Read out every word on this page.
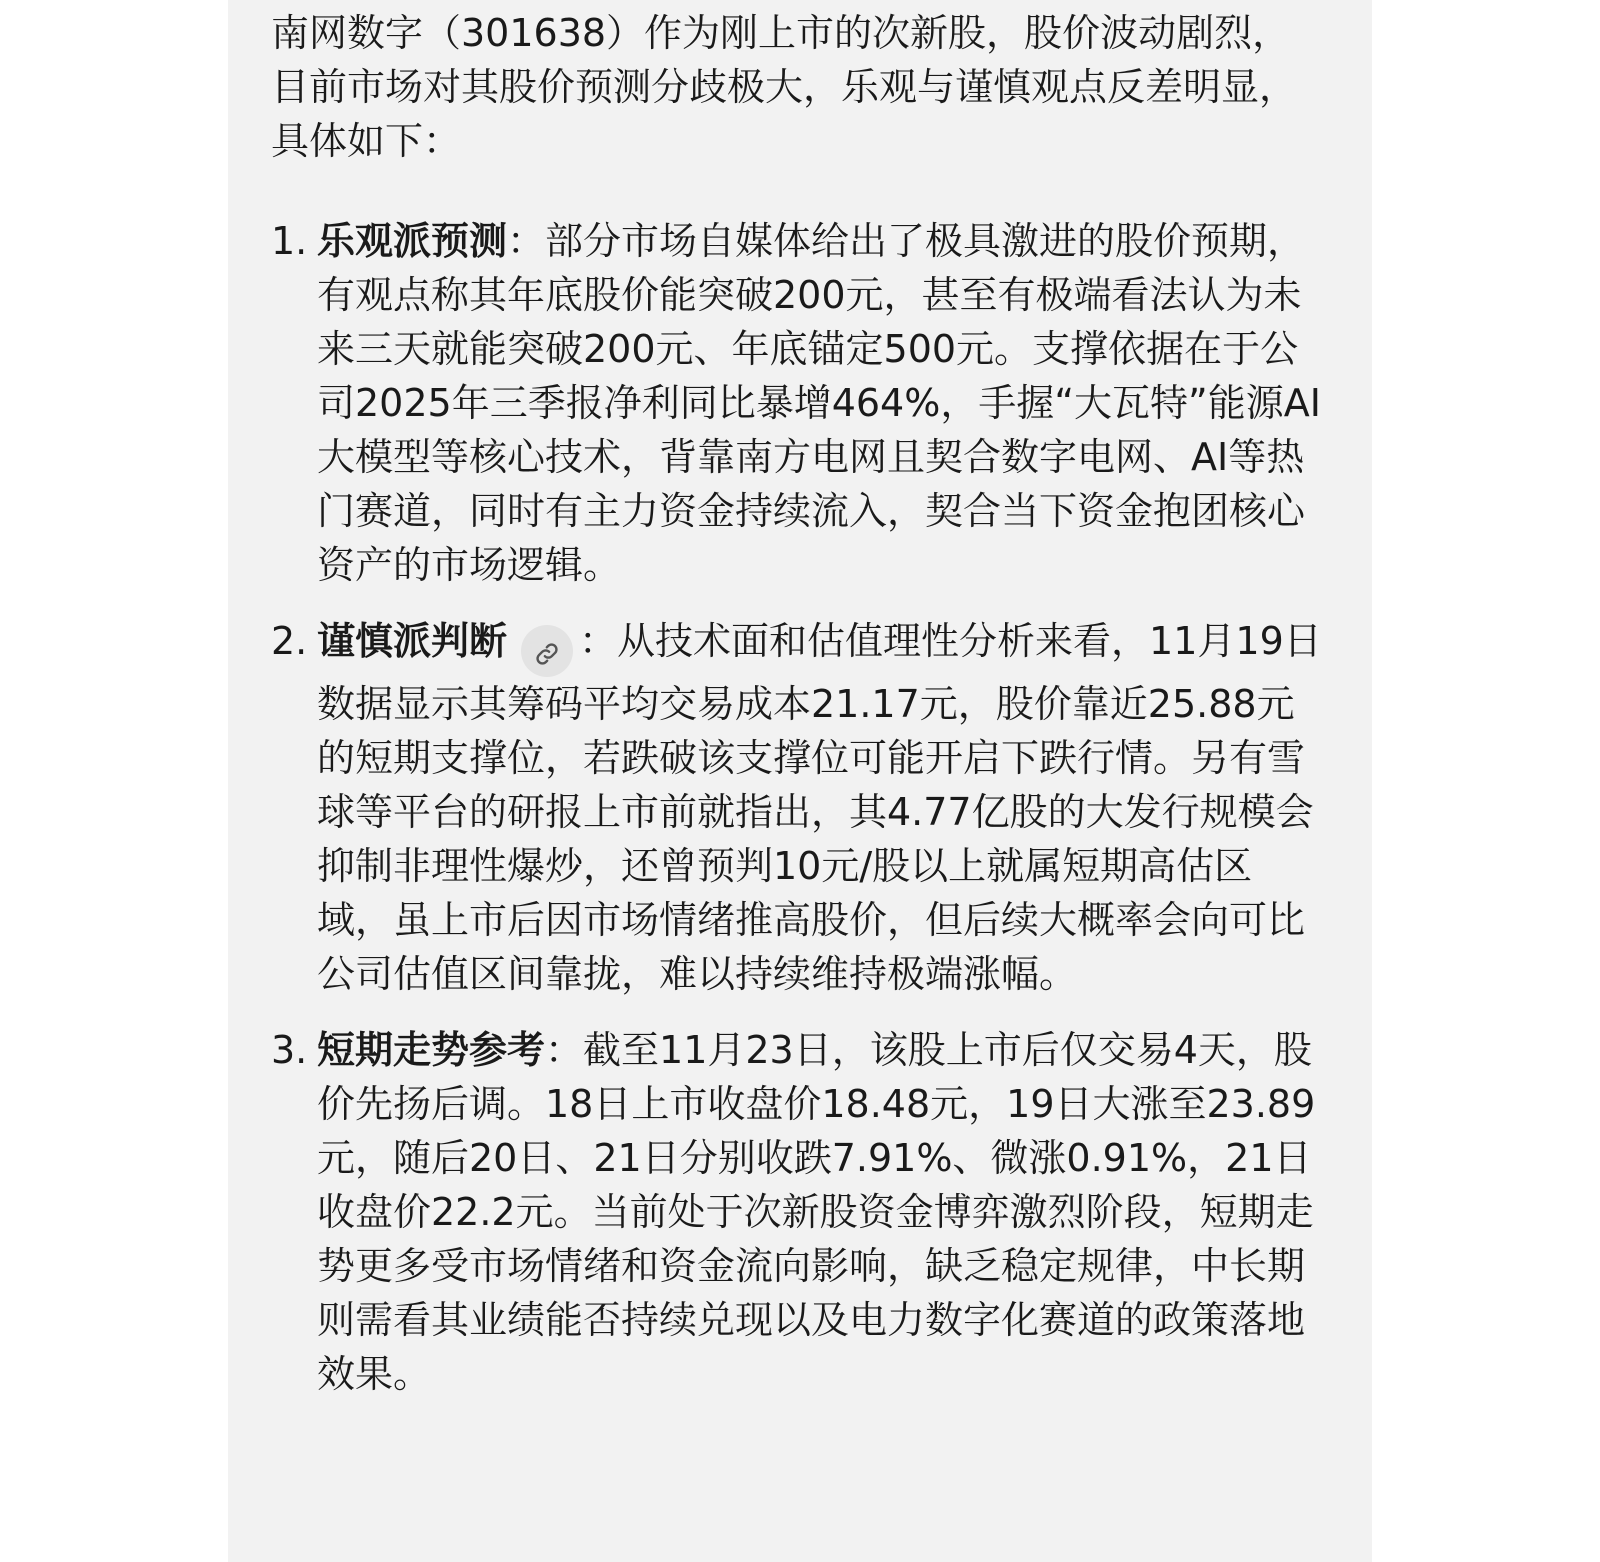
南网数字（301638）作为刚上市的次新股，股价波动剧烈，目前市场对其股价预测分歧极大，乐观与谨慎观点反差明显，具体如下：

1. 乐观派预测：部分市场自媒体给出了极具激进的股价预期，有观点称其年底股价能突破200元，甚至有极端看法认为未来三天就能突破200元、年底锚定500元。支撑依据在于公司2025年三季报净利同比暴增464%，手握“大瓦特”能源AI大模型等核心技术，背靠南方电网且契合数字电网、AI等热门赛道，同时有主力资金持续流入，契合当下资金抱团核心资产的市场逻辑。
2. 谨慎派判断 ：从技术面和估值理性分析来看，11月19日数据显示其筹码平均交易成本21.17元，股价靠近25.88元的短期支撑位，若跌破该支撑位可能开启下跌行情。另有雪球等平台的研报上市前就指出，其4.77亿股的大发行规模会抑制非理性爆炒，还曾预判10元/股以上就属短期高估区域，虽上市后因市场情绪推高股价，但后续大概率会向可比公司估值区间靠拢，难以持续维持极端涨幅。
3. 短期走势参考：截至11月23日，该股上市后仅交易4天，股价先扬后调。18日上市收盘价18.48元，19日大涨至23.89元，随后20日、21日分别收跌7.91%、微涨0.91%，21日收盘价22.2元。当前处于次新股资金博弈激烈阶段，短期走势更多受市场情绪和资金流向影响，缺乏稳定规律，中长期则需看其业绩能否持续兑现以及电力数字化赛道的政策落地效果。
